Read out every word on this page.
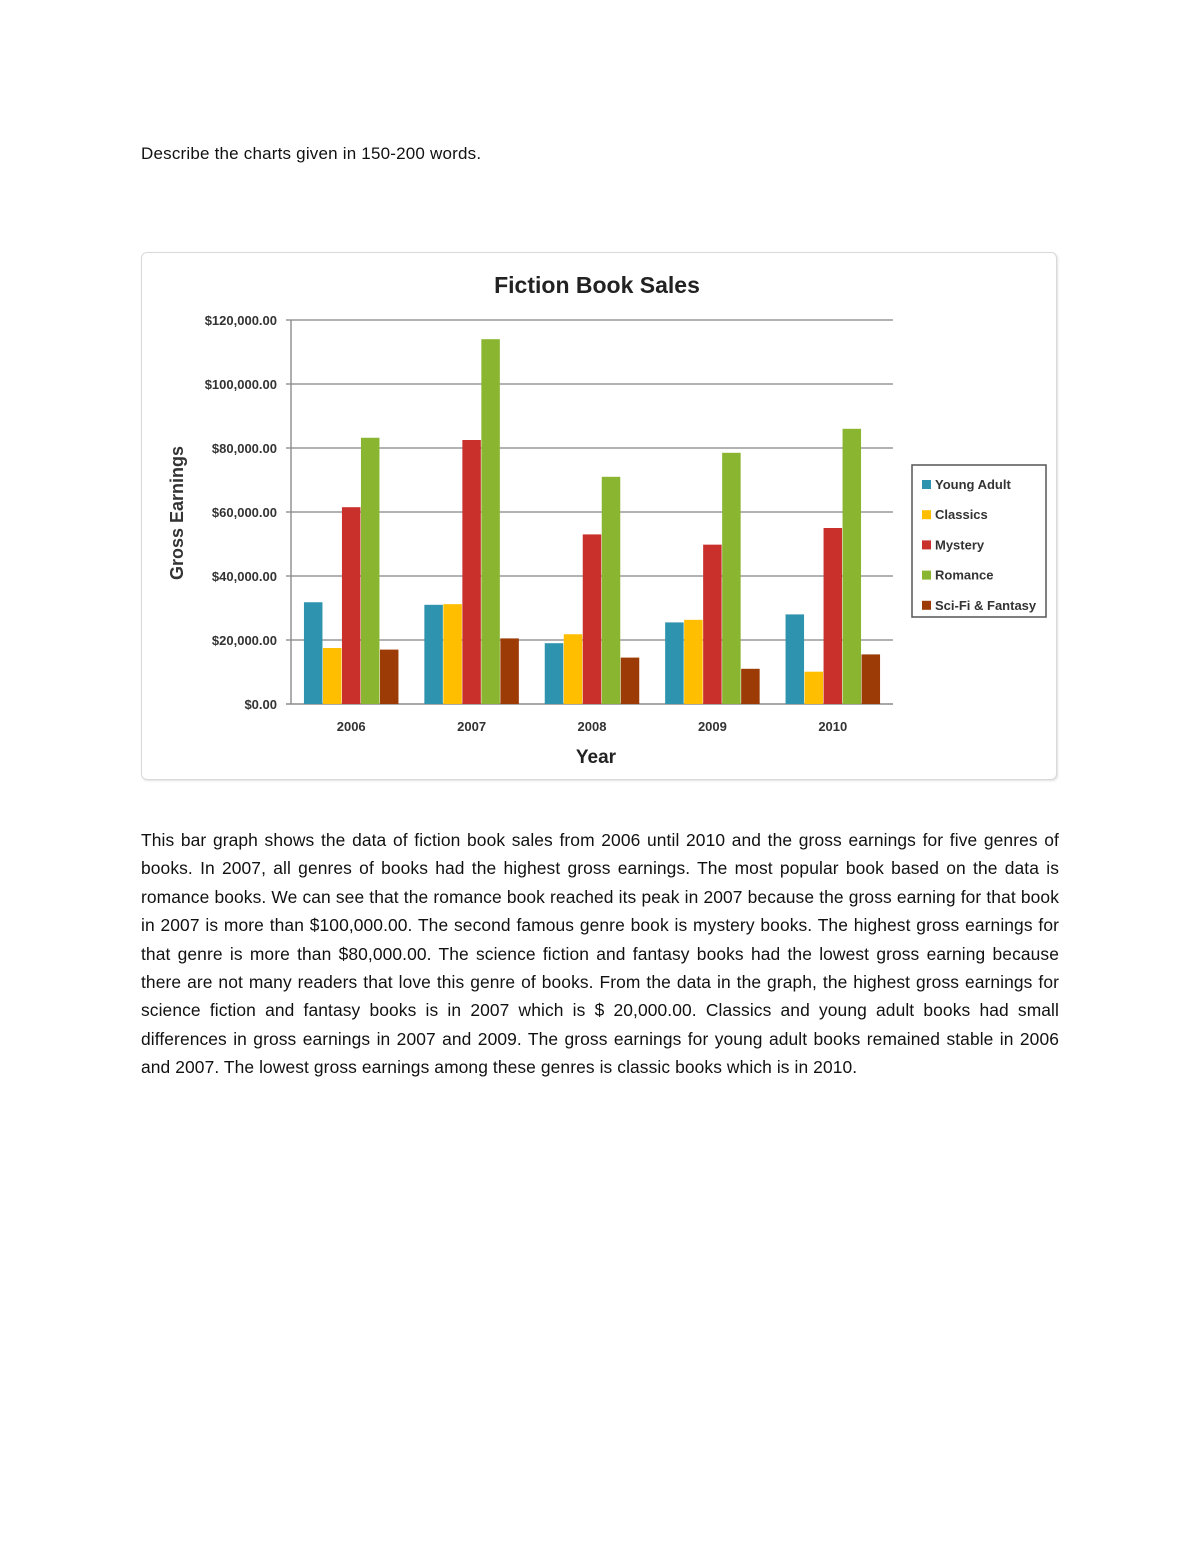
Describe the charts given in 150-200 words.
Fiction Book Sales
Gross Earnings
Year
$0.00
$20,000.00
$40,000.00
$60,000.00
$80,000.00
$100,000.00
$120,000.00
2006	2007	2008	2009	2010
Young Adult
Classics
Mystery
Romance
Sci-Fi & Fantasy
This bar graph shows the data of fiction book sales from 2006 until 2010 and the gross earnings for five genres of books. In 2007, all genres of books had the highest gross earnings. The most popular book based on the data is romance books. We can see that the romance book reached its peak in 2007 because the gross earning for that book in 2007 is more than $100,000.00. The second famous genre book is mystery books. The highest gross earnings for that genre is more than $80,000.00. The science fiction and fantasy books had the lowest gross earning because there are not many readers that love this genre of books. From the data in the graph, the highest gross earnings for science fiction and fantasy books is in 2007 which is $ 20,000.00. Classics and young adult books had small differences in gross earnings in 2007 and 2009. The gross earnings for young adult books remained stable in 2006 and 2007. The lowest gross earnings among these genres is classic books which is in 2010.
